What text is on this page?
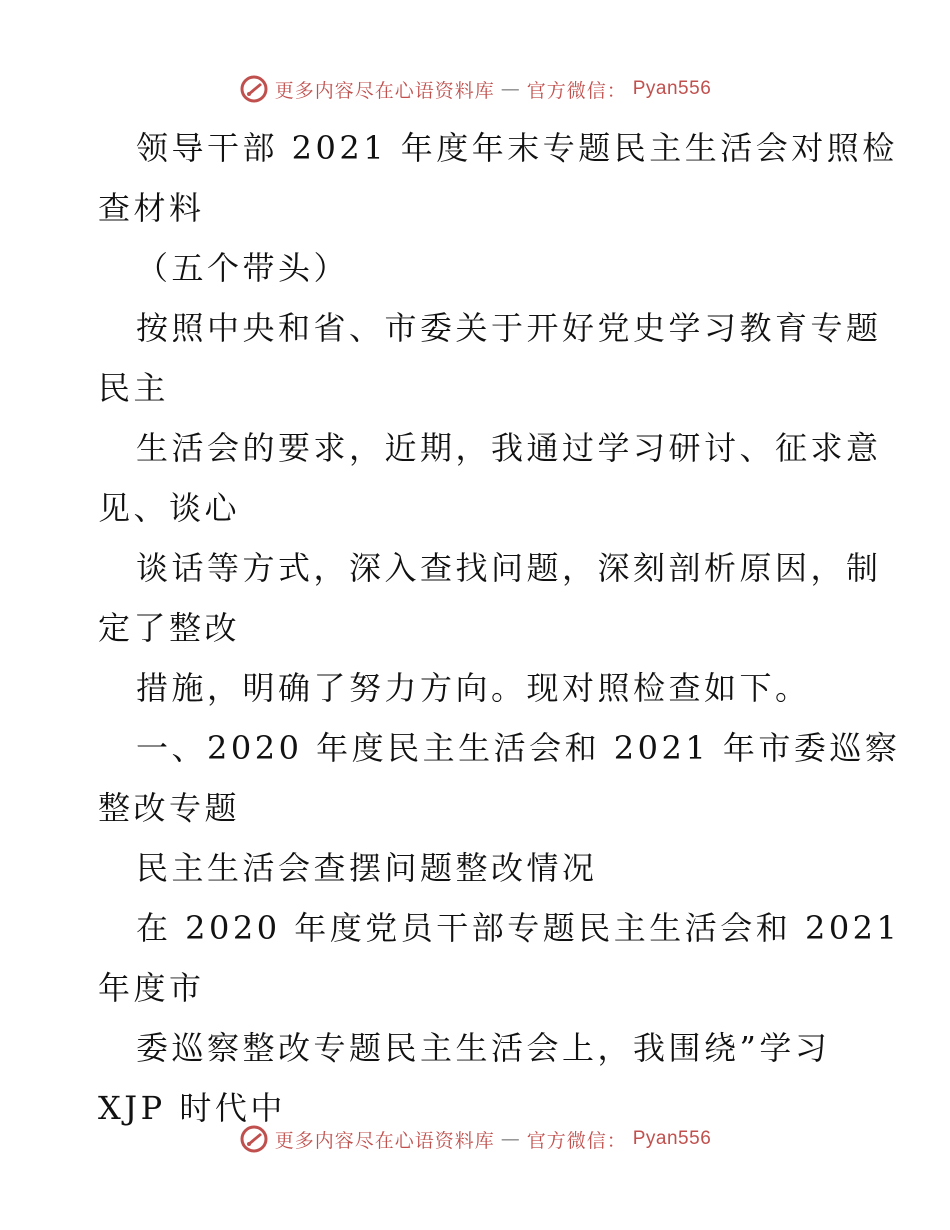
更多内容尽在心语资料库 — 官方微信： Pyan556
领导干部 2021 年度年末专题民主生活会对照检
查材料
（五个带头）
按照中央和省、市委关于开好党史学习教育专题
民主
生活会的要求，近期，我通过学习研讨、征求意
见、谈心
谈话等方式，深入查找问题，深刻剖析原因，制
定了整改
措施，明确了努力方向。现对照检查如下。
一、2020 年度民主生活会和 2021 年市委巡察
整改专题
民主生活会查摆问题整改情况
在 2020 年度党员干部专题民主生活会和 2021
年度市
委巡察整改专题民主生活会上，我围绕”学习
XJP 时代中
更多内容尽在心语资料库 — 官方微信： Pyan556
